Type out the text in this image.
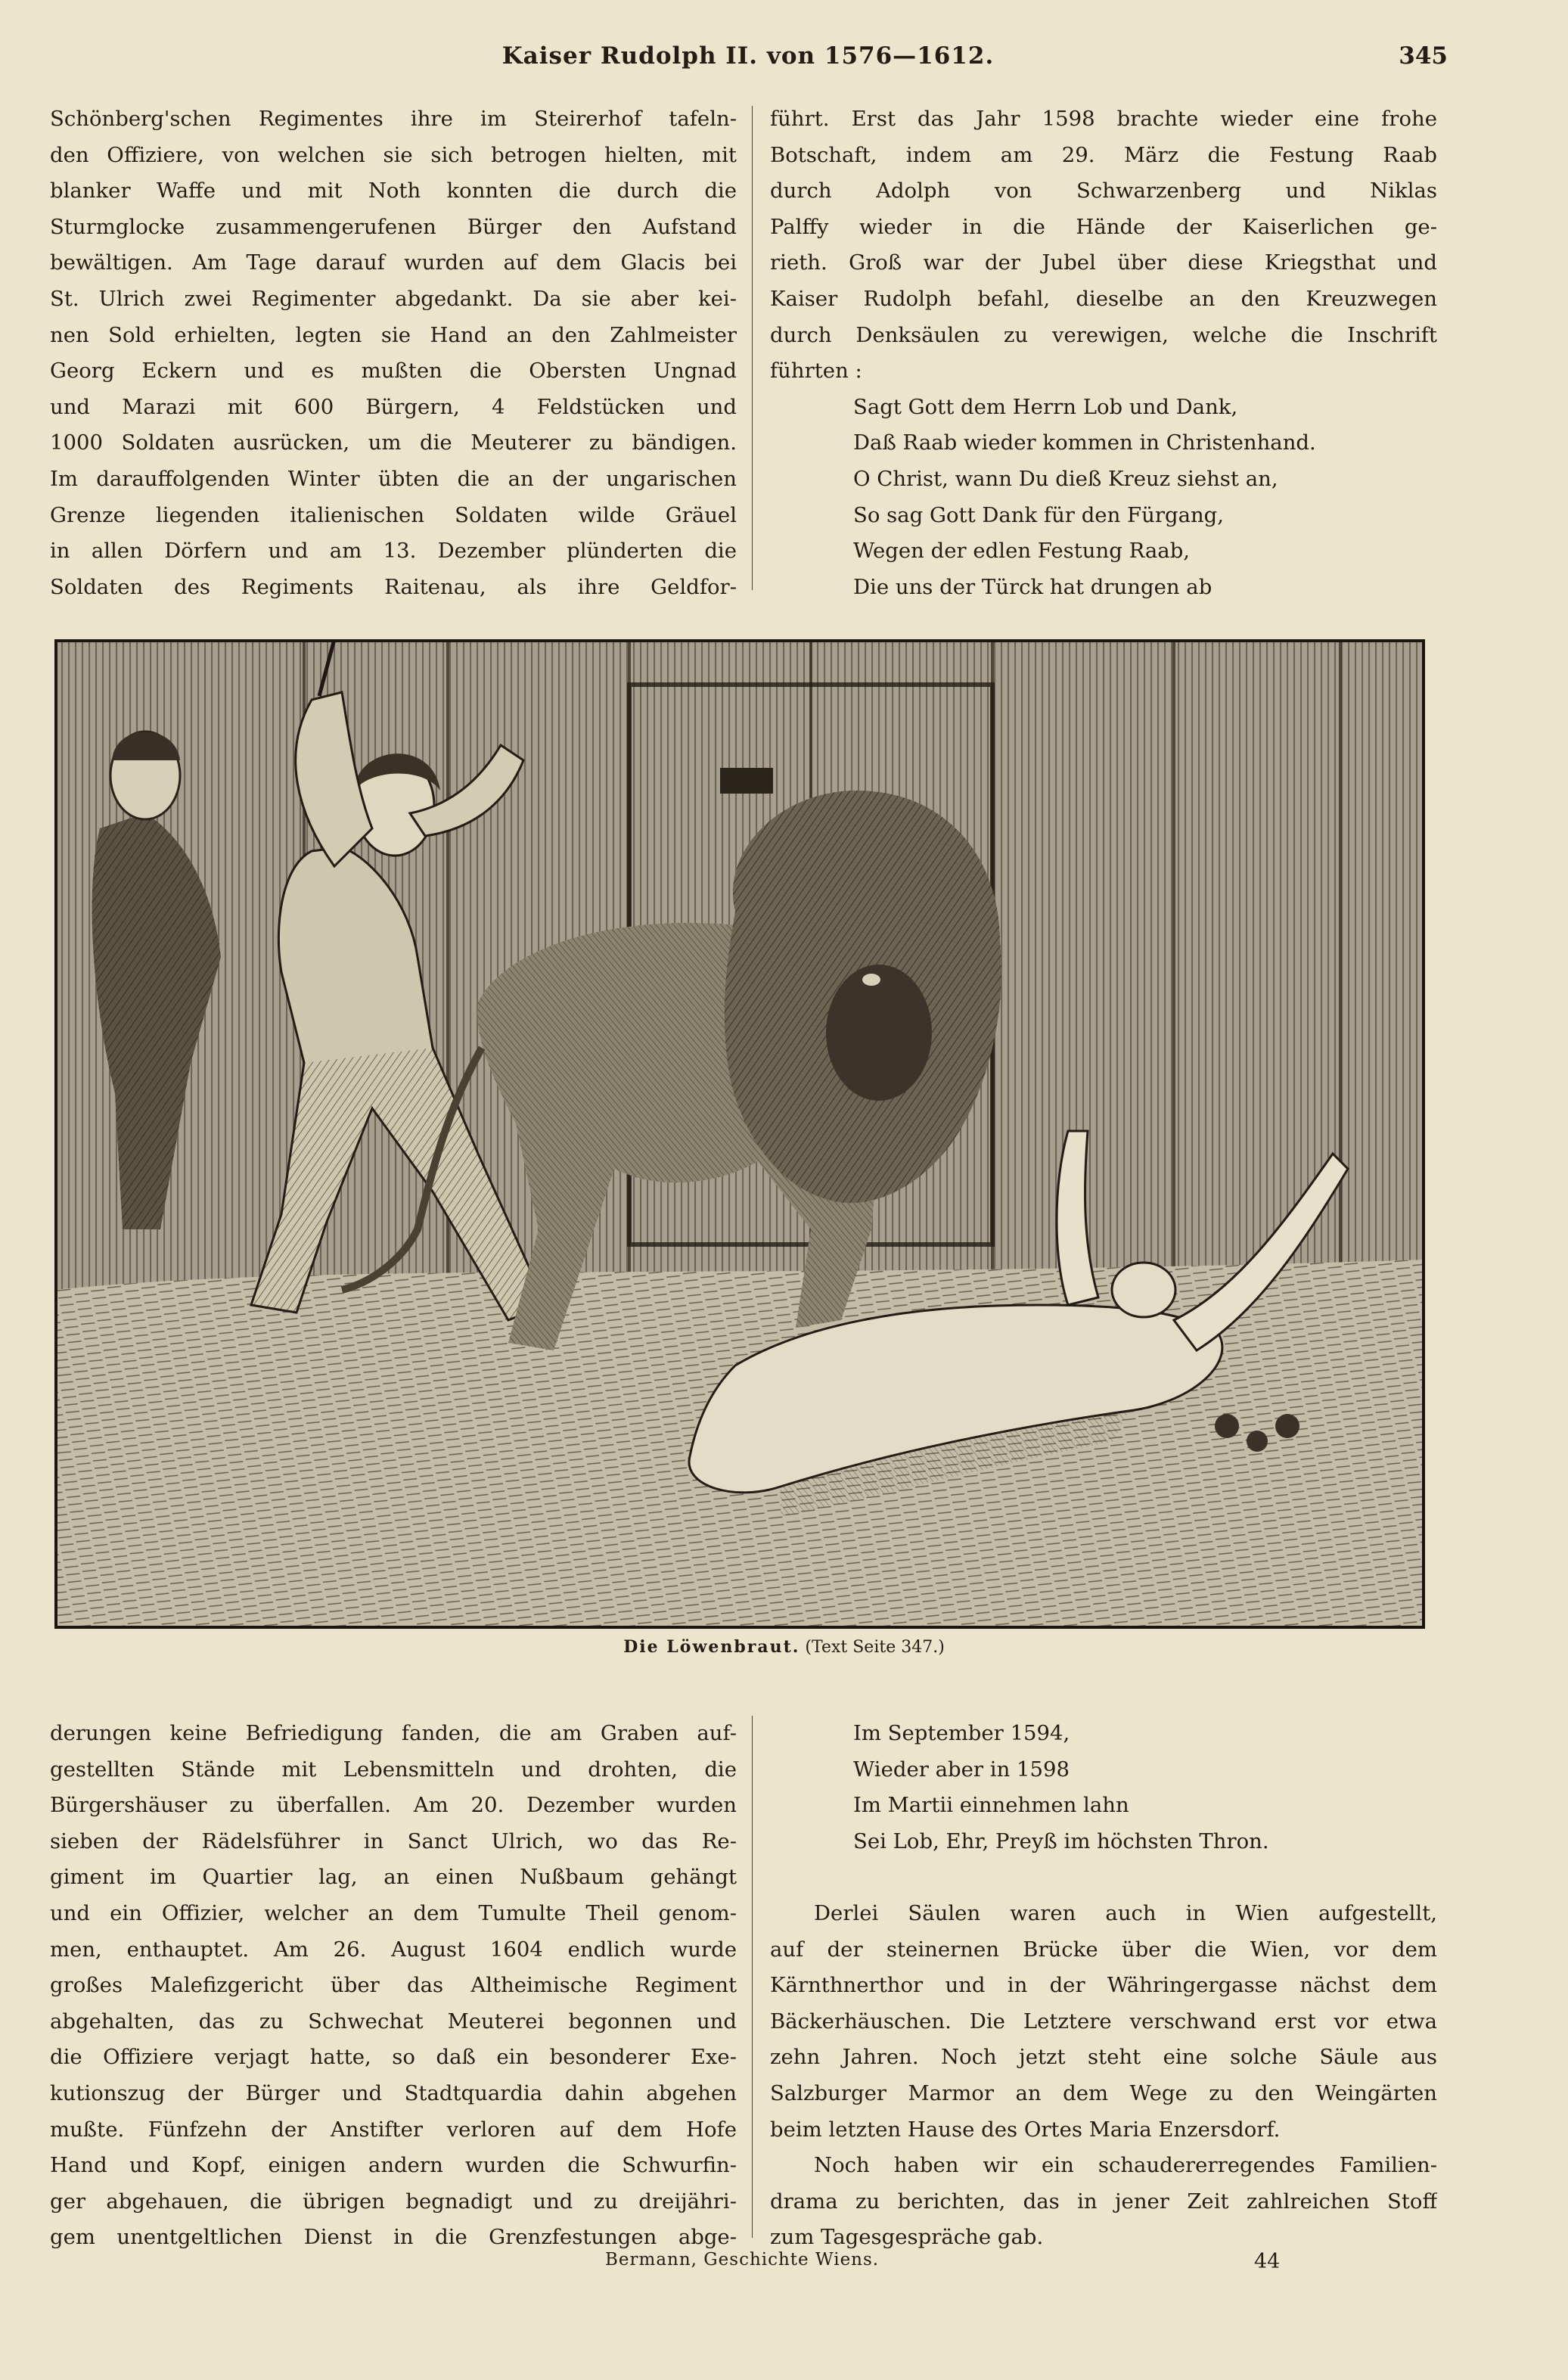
Kaiser Rudolph II. von 1576—1612.	345
Schönberg'schen Regimentes ihre im Steirerhof tafeln-
den Offiziere, von welchen sie sich betrogen hielten, mit
blanker Waffe und mit Noth konnten die durch die
Sturmglocke zusammengerufenen Bürger den Aufstand
bewältigen. Am Tage darauf wurden auf dem Glacis bei
St. Ulrich zwei Regimenter abgedankt. Da sie aber kei-
nen Sold erhielten, legten sie Hand an den Zahlmeister
Georg Eckern und es mußten die Obersten Ungnad
und Marazi mit 600 Bürgern, 4 Feldstücken und
1000 Soldaten ausrücken, um die Meuterer zu bändigen.
Im darauffolgenden Winter übten die an der ungarischen
Grenze liegenden italienischen Soldaten wilde Gräuel
in allen Dörfern und am 13. Dezember plünderten die
Soldaten des Regiments Raitenau, als ihre Geldfor-
führt. Erst das Jahr 1598 brachte wieder eine frohe
Botschaft, indem am 29. März die Festung Raab
durch Adolph von Schwarzenberg und Niklas
Palffy wieder in die Hände der Kaiserlichen ge-
rieth. Groß war der Jubel über diese Kriegsthat und
Kaiser Rudolph befahl, dieselbe an den Kreuzwegen
durch Denksäulen zu verewigen, welche die Inschrift
führten :
Sagt Gott dem Herrn Lob und Dank,
Daß Raab wieder kommen in Christenhand.
O Christ, wann Du dieß Kreuz siehst an,
So sag Gott Dank für den Fürgang,
Wegen der edlen Festung Raab,
Die uns der Türck hat drungen ab
Die Löwenbraut. (Text Seite 347.)
derungen keine Befriedigung fanden, die am Graben auf-
gestellten Stände mit Lebensmitteln und drohten, die
Bürgershäuser zu überfallen. Am 20. Dezember wurden
sieben der Rädelsführer in Sanct Ulrich, wo das Re-
giment im Quartier lag, an einen Nußbaum gehängt
und ein Offizier, welcher an dem Tumulte Theil genom-
men, enthauptet. Am 26. August 1604 endlich wurde
großes Malefizgericht über das Altheimische Regiment
abgehalten, das zu Schwechat Meuterei begonnen und
die Offiziere verjagt hatte, so daß ein besonderer Exe-
kutionszug der Bürger und Stadtquardia dahin abgehen
mußte. Fünfzehn der Anstifter verloren auf dem Hofe
Hand und Kopf, einigen andern wurden die Schwurfin-
ger abgehauen, die übrigen begnadigt und zu dreijähri-
gem unentgeltlichen Dienst in die Grenzfestungen abge-
Im September 1594,
Wieder aber in 1598
Im Martii einnehmen lahn
Sei Lob, Ehr, Preyß im höchsten Thron.
Derlei Säulen waren auch in Wien aufgestellt,
auf der steinernen Brücke über die Wien, vor dem
Kärnthnerthor und in der Währingergasse nächst dem
Bäckerhäuschen. Die Letztere verschwand erst vor etwa
zehn Jahren. Noch jetzt steht eine solche Säule aus
Salzburger Marmor an dem Wege zu den Weingärten
beim letzten Hause des Ortes Maria Enzersdorf.
Noch haben wir ein schaudererregendes Familien-
drama zu berichten, das in jener Zeit zahlreichen Stoff
zum Tagesgespräche gab.
Bermann, Geschichte Wiens.	44
